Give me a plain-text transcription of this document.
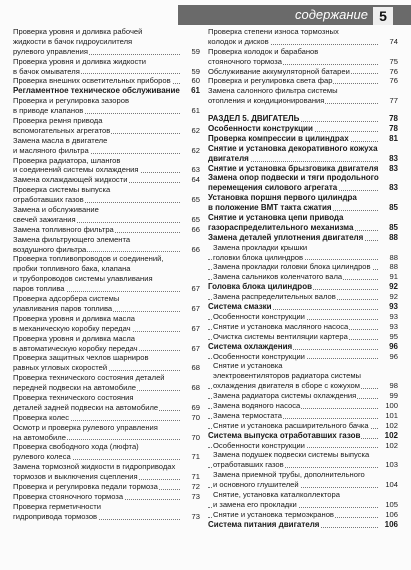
содержание 5
Проверка уровня и доливка рабочей
жидкости в бачок гидроусилителя
рулевого управления	59
Проверка уровня и доливка жидкости
в бачок омывателя	59
Проверка внешних осветительных приборов	60
Регламентное техническое обслуживание 61
Проверка и регулировка зазоров
в приводе клапанов	61
Проверка ремня привода
вспомогательных агрегатов	62
Замена масла в двигателе
и масляного фильтра	62
Проверка радиатора, шлангов
и соединений системы охлаждения	63
Замена охлаждающей жидкости	64
Проверка системы выпуска
отработавших газов	65
Замена и обслуживание
свечей зажигания	65
Замена топливного фильтра	66
Замена фильтрующего элемента
воздушного фильтра	66
Проверка топливопроводов и соединений,
пробки топливного бака, клапана
и трубопроводов системы улавливания
паров топлива	67
Проверка адсорбера системы
улавливания паров топлива	67
Проверка уровня и доливка масла
в механическую коробку передач	67
Проверка уровня и доливка масла
в автоматическую коробку передач	67
Проверка защитных чехлов шарниров
равных угловых скоростей	68
Проверка технического состояния деталей
передней подвески на автомобиле	68
Проверка технического состояния
деталей задней подвески на автомобиле	69
Проверка колес	70
Осмотр и проверка рулевого управления
на автомобиле	70
Проверка свободного хода (люфта)
рулевого колеса	71
Замена тормозной жидкости в гидроприводах
тормозов и выключения сцепления	71
Проверка и регулировка педали тормоза	72
Проверка стояночного тормоза	73
Проверка герметичности
гидропривода тормозов	73
Проверка степени износа тормозных
колодок и дисков	74
Проверка колодок и барабанов
стояночного тормоза	75
Обслуживание аккумуляторной батареи	76
Проверка и регулировка света фар	76
Замена салонного фильтра системы
отопления и кондиционирования	77
РАЗДЕЛ 5. ДВИГАТЕЛЬ	78
Особенности конструкции	78
Проверка компрессии в цилиндрах	81
Снятие и установка декоративного кожуха
двигателя	83
Снятие и установка брызговика двигателя 83
Замена опор подвески и тяги продольного
перемещения силового агрегата	83
Установка поршня первого цилиндра
в положение ВМТ такта сжатия	85
Снятие и установка цепи привода
газораспределительного механизма	85
Замена деталей уплотнения двигателя	88
Замена прокладки крышки
головки блока цилиндров	88
Замена прокладки головки блока цилиндров 88
Замена сальников коленчатого вала	91
Головка блока цилиндров	92
Замена распределительных валов	92
Система смазки	93
Особенности конструкции	93
Снятие и установка масляного насоса	93
Очистка системы вентиляции картера	95
Система охлаждения	96
Особенности конструкции	96
Снятие и установка
электровентиляторов радиатора системы
охлаждения двигателя в сборе с кожухом	98
Замена радиатора системы охлаждения	99
Замена водяного насоса	100
Замена термостата	101
Снятие и установка расширительного бачка 102
Система выпуска отработавших газов	102
Особенности конструкции	102
Замена подушек подвески системы выпуска
отработавших газов	103
Замена приемной трубы, дополнительного
и основного глушителей	104
Снятие, установка каталколлектора
и замена его прокладки	105
Снятие и установка термоэкранов	106
Система питания двигателя	106
